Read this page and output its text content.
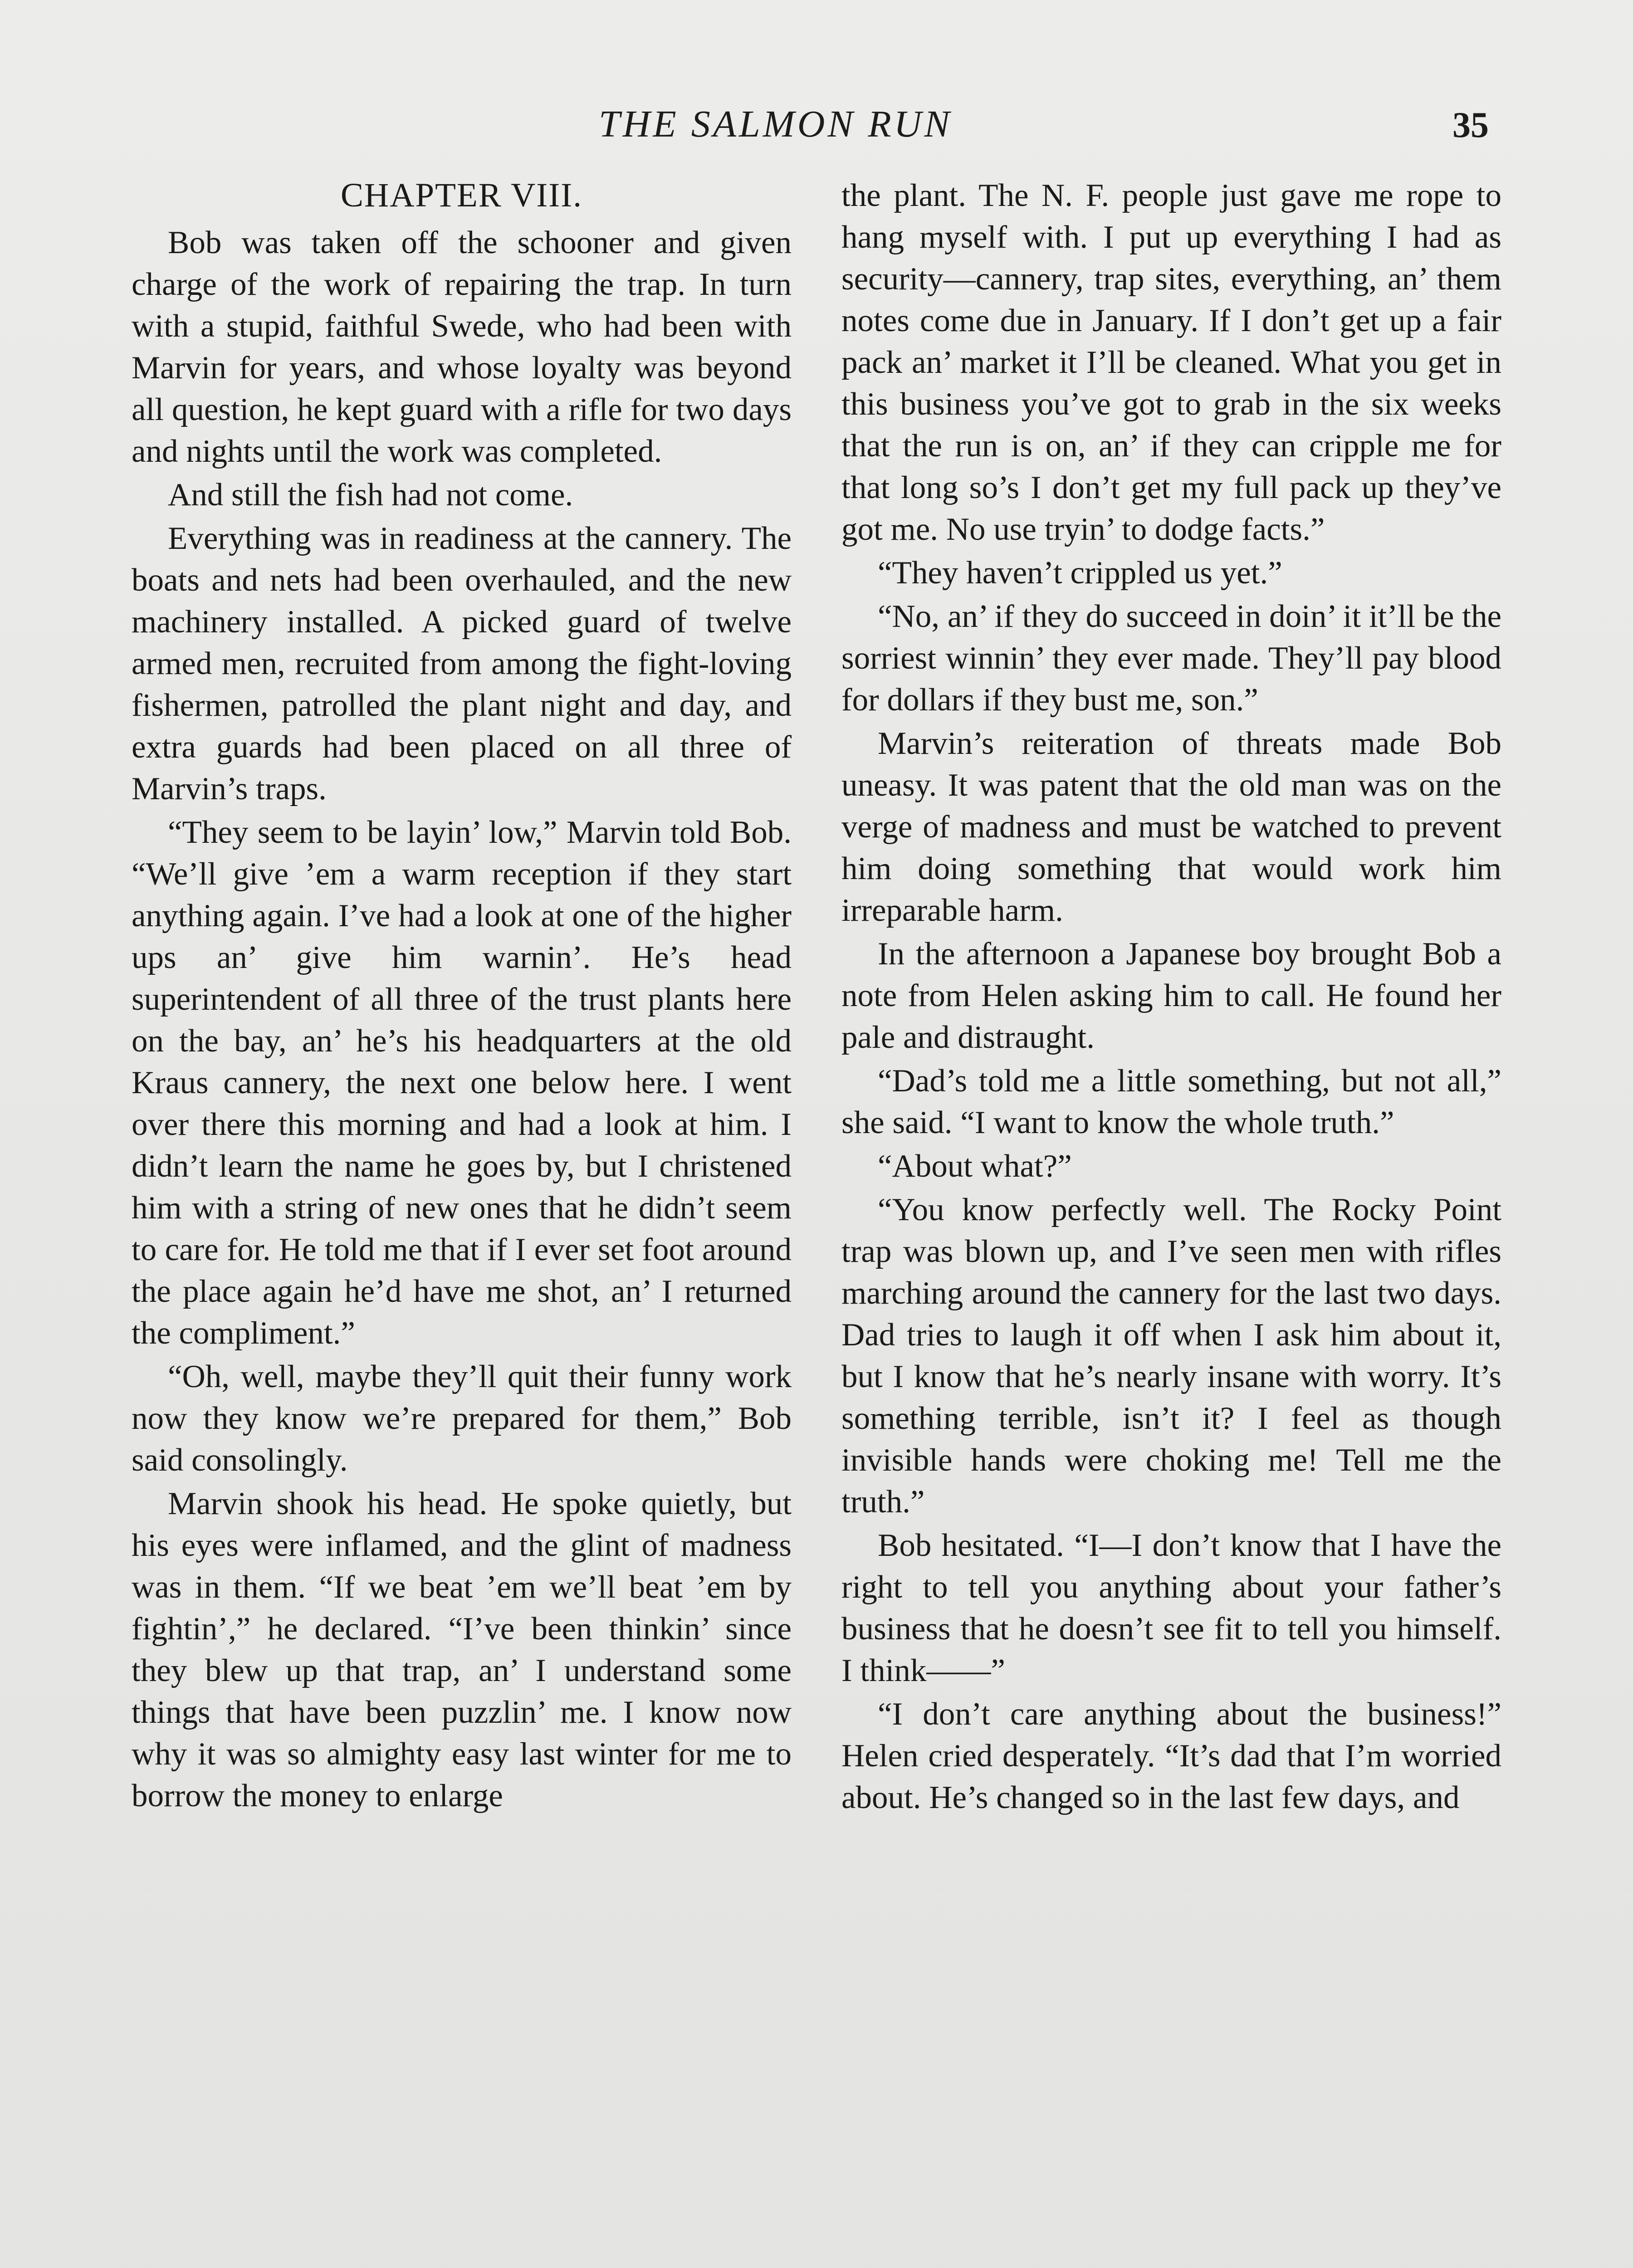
THE SALMON RUN	35
CHAPTER VIII.

Bob was taken off the schooner and given charge of the work of repairing the trap. In turn with a stupid, faithful Swede, who had been with Marvin for years, and whose loyalty was beyond all question, he kept guard with a rifle for two days and nights until the work was completed.

And still the fish had not come.

Everything was in readiness at the cannery. The boats and nets had been overhauled, and the new machinery installed. A picked guard of twelve armed men, recruited from among the fight-loving fishermen, patrolled the plant night and day, and extra guards had been placed on all three of Marvin’s traps.

“They seem to be layin’ low,” Marvin told Bob. “We’ll give ’em a warm reception if they start anything again. I’ve had a look at one of the higher ups an’ give him warnin’. He’s head superintendent of all three of the trust plants here on the bay, an’ he’s his headquarters at the old Kraus cannery, the next one below here. I went over there this morning and had a look at him. I didn’t learn the name he goes by, but I christened him with a string of new ones that he didn’t seem to care for. He told me that if I ever set foot around the place again he’d have me shot, an’ I returned the compliment.”

“Oh, well, maybe they’ll quit their funny work now they know we’re prepared for them,” Bob said consolingly.

Marvin shook his head. He spoke quietly, but his eyes were inflamed, and the glint of madness was in them. “If we beat ’em we’ll beat ’em by fightin’,” he declared. “I’ve been thinkin’ since they blew up that trap, an’ I understand some things that have been puzzlin’ me. I know now why it was so almighty easy last winter for me to borrow the money to enlarge

the plant. The N. F. people just gave me rope to hang myself with. I put up everything I had as security—cannery, trap sites, everything, an’ them notes come due in January. If I don’t get up a fair pack an’ market it I’ll be cleaned. What you get in this business you’ve got to grab in the six weeks that the run is on, an’ if they can cripple me for that long so’s I don’t get my full pack up they’ve got me. No use tryin’ to dodge facts.”

“They haven’t crippled us yet.”

“No, an’ if they do succeed in doin’ it it’ll be the sorriest winnin’ they ever made. They’ll pay blood for dollars if they bust me, son.”

Marvin’s reiteration of threats made Bob uneasy. It was patent that the old man was on the verge of madness and must be watched to prevent him doing something that would work him irreparable harm.

In the afternoon a Japanese boy brought Bob a note from Helen asking him to call. He found her pale and distraught.

“Dad’s told me a little something, but not all,” she said. “I want to know the whole truth.”

“About what?”

“You know perfectly well. The Rocky Point trap was blown up, and I’ve seen men with rifles marching around the cannery for the last two days. Dad tries to laugh it off when I ask him about it, but I know that he’s nearly insane with worry. It’s something terrible, isn’t it? I feel as though invisible hands were choking me! Tell me the truth.”

Bob hesitated. “I—I don’t know that I have the right to tell you anything about your father’s business that he doesn’t see fit to tell you himself. I think——”

“I don’t care anything about the business!” Helen cried desperately. “It’s dad that I’m worried about. He’s changed so in the last few days, and
